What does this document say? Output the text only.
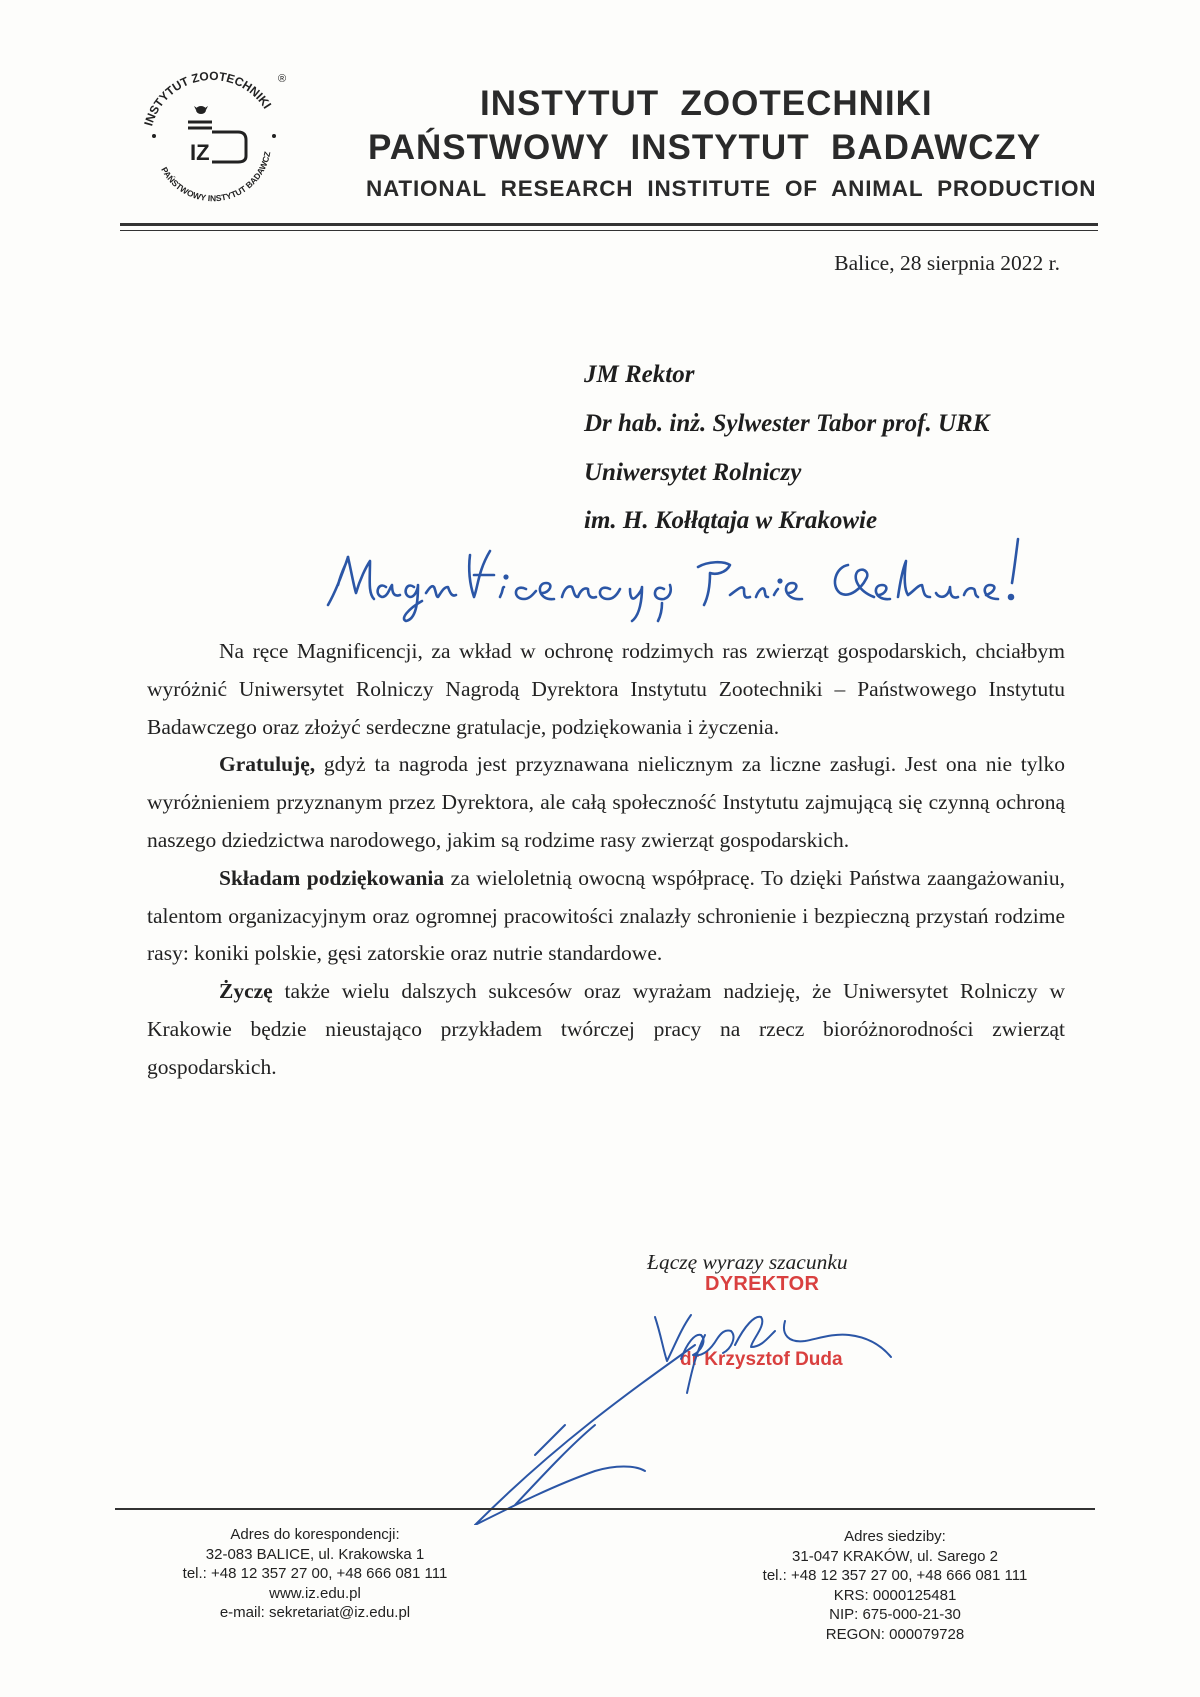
INSTYTUT ZOOTECHNIKI
PAŃSTWOWY INSTYTUT BADAWCZ
IZ
®
INSTYTUT  ZOOTECHNIKI
PAŃSTWOWY  INSTYTUT  BADAWCZY
NATIONAL  RESEARCH  INSTITUTE  OF  ANIMAL  PRODUCTION
Balice, 28 sierpnia 2022 r.
JM Rektor
Dr hab. inż. Sylwester Tabor prof. URK
Uniwersytet Rolniczy
im. H. Kołłątaja w Krakowie

Na ręce Magnificencji, za wkład w ochronę rodzimych ras zwierząt gospodarskich, chciałbym wyróżnić Uniwersytet Rolniczy Nagrodą Dyrektora Instytutu Zootechniki – Państwowego Instytutu Badawczego oraz złożyć serdeczne gratulacje, podziękowania i życzenia.

Gratuluję, gdyż ta nagroda jest przyznawana nielicznym za liczne zasługi. Jest ona nie tylko wyróżnieniem przyznanym przez Dyrektora, ale całą społeczność Instytutu zajmującą się czynną ochroną naszego dziedzictwa narodowego, jakim są rodzime rasy zwierząt gospodarskich.

Składam podziękowania za wieloletnią owocną współpracę. To dzięki Państwa zaangażowaniu, talentom organizacyjnym oraz ogromnej pracowitości znalazły schronienie i bezpieczną przystań rodzime rasy: koniki polskie, gęsi zatorskie oraz nutrie standardowe.

Życzę także wielu dalszych sukcesów oraz wyrażam nadzieję, że Uniwersytet Rolniczy w Krakowie będzie nieustająco przykładem twórczej pracy na rzecz bioróżnorodności zwierząt gospodarskich.

Łączę wyrazy szacunku
DYREKTOR
dr Krzysztof Duda
Adres do korespondencji:
32-083 BALICE, ul. Krakowska 1
tel.: +48 12 357 27 00, +48 666 081 111
www.iz.edu.pl
e-mail: sekretariat@iz.edu.pl
Adres siedziby:
31-047 KRAKÓW, ul. Sarego 2
tel.: +48 12 357 27 00, +48 666 081 111
KRS: 0000125481
NIP: 675-000-21-30
REGON: 000079728
